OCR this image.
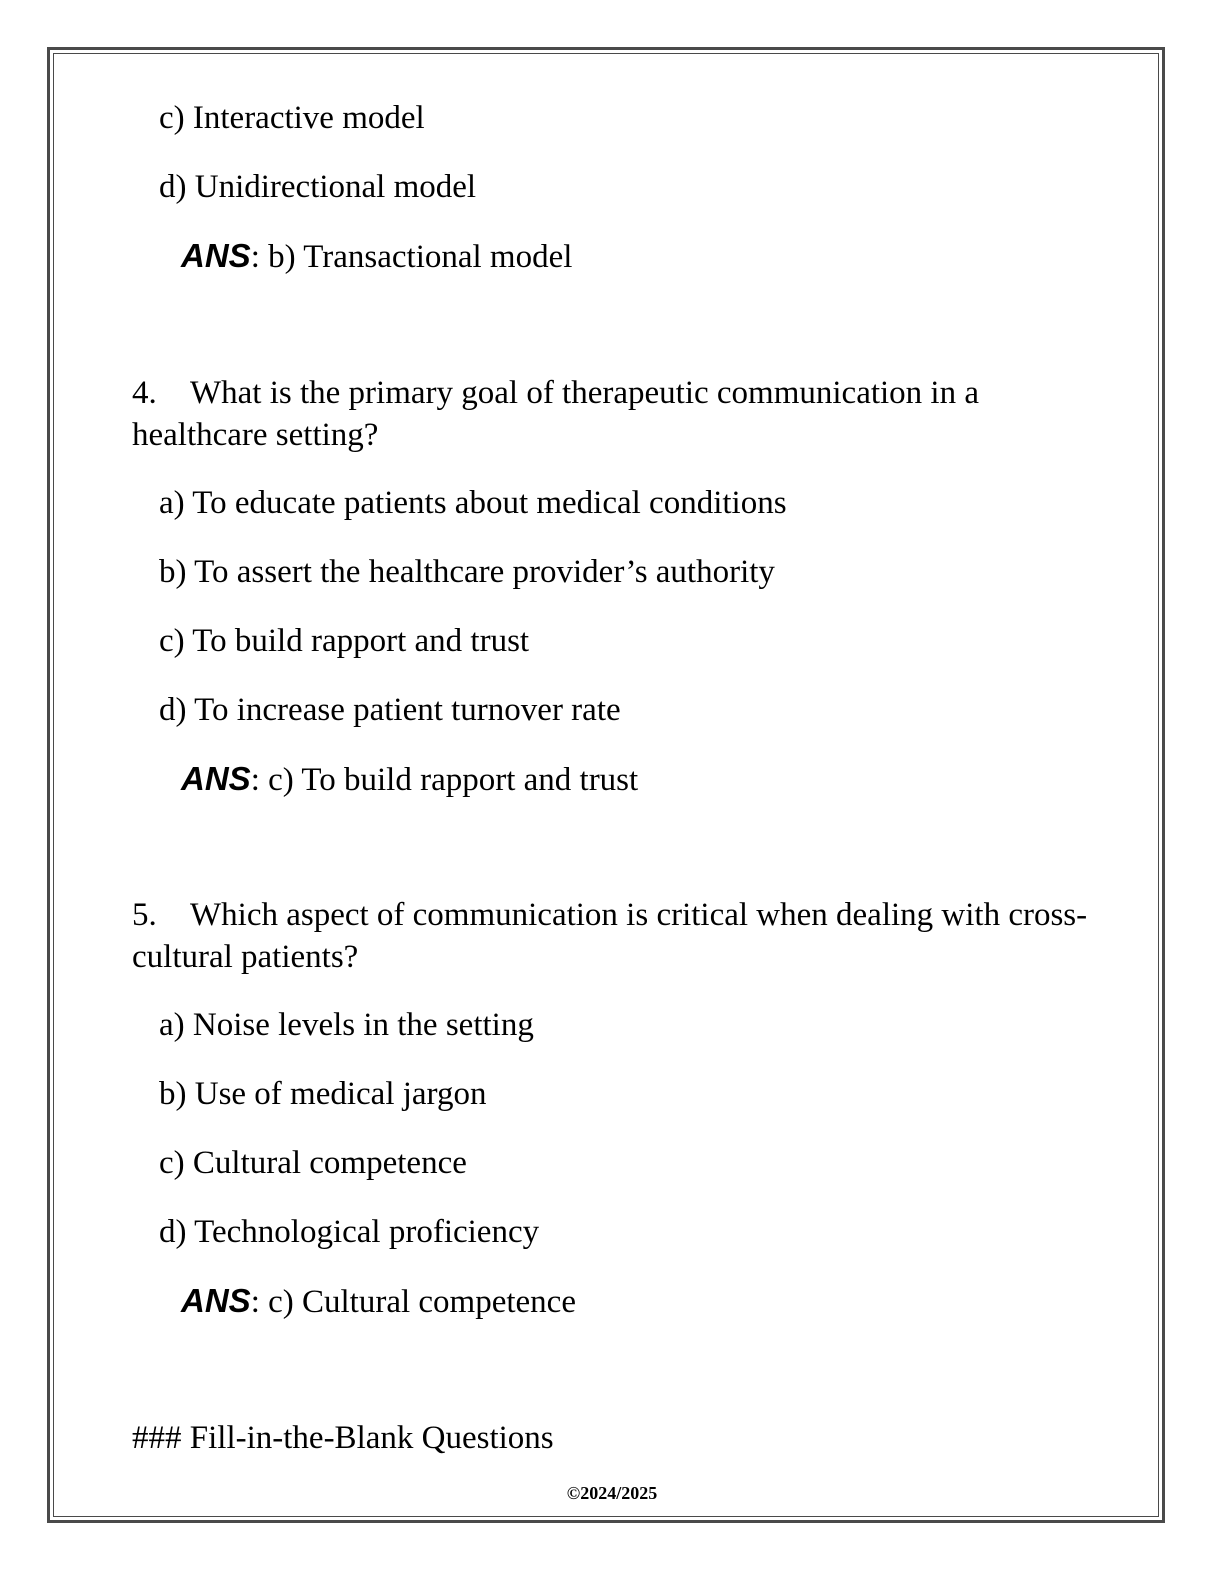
c) Interactive model
d) Unidirectional model
ANS: b) Transactional model
4. What is the primary goal of therapeutic communication in a healthcare setting?
a) To educate patients about medical conditions
b) To assert the healthcare provider’s authority
c) To build rapport and trust
d) To increase patient turnover rate
ANS: c) To build rapport and trust
5. Which aspect of communication is critical when dealing with cross-cultural patients?
a) Noise levels in the setting
b) Use of medical jargon
c) Cultural competence
d) Technological proficiency
ANS: c) Cultural competence
### Fill-in-the-Blank Questions
©2024/2025
